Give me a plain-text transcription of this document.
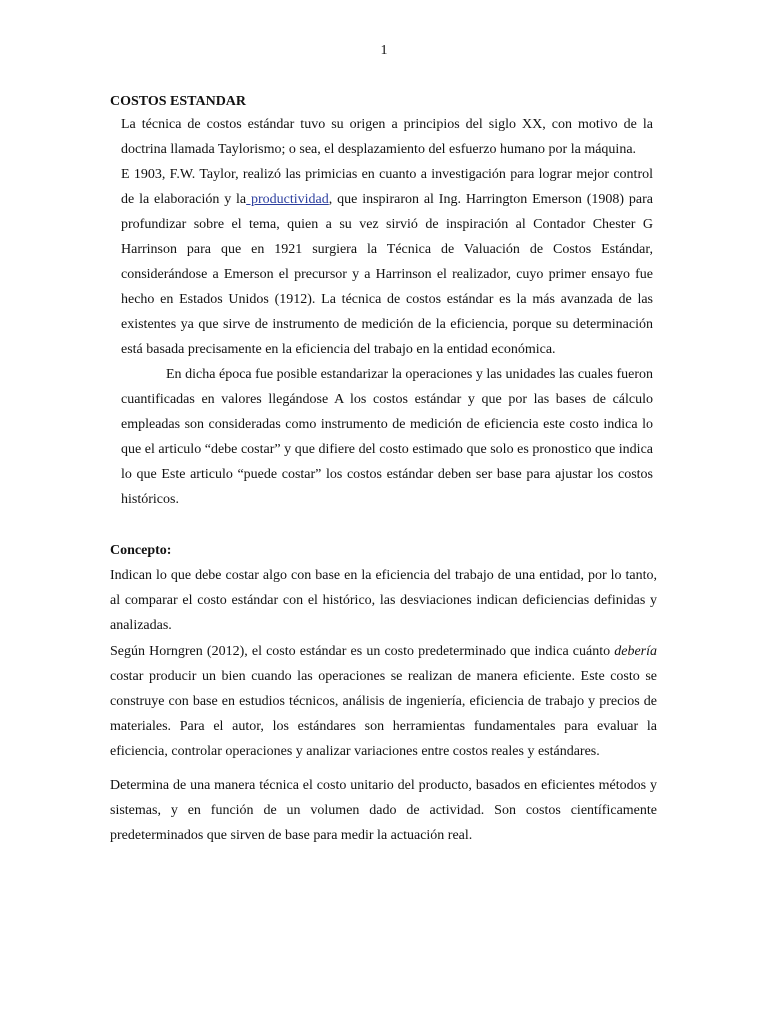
1
COSTOS ESTANDAR

La técnica de costos estándar tuvo su origen a principios del siglo XX, con motivo de la doctrina llamada Taylorismo; o sea, el desplazamiento del esfuerzo humano por la máquina.

E 1903, F.W. Taylor, realizó las primicias en cuanto a investigación para lograr mejor control de la elaboración y la productividad, que inspiraron al Ing. Harrington Emerson (1908) para profundizar sobre el tema, quien a su vez sirvió de inspiración al Contador Chester G Harrinson para que en 1921 surgiera la Técnica de Valuación de Costos Estándar, considerándose a Emerson el precursor y a Harrinson el realizador, cuyo primer ensayo fue hecho en Estados Unidos (1912). La técnica de costos estándar es la más avanzada de las existentes ya que sirve de instrumento de medición de la eficiencia, porque su determinación está basada precisamente en la eficiencia del trabajo en la entidad económica.

En dicha época fue posible estandarizar la operaciones y las unidades las cuales fueron cuantificadas en valores llegándose A los costos estándar y que por las bases de cálculo empleadas son consideradas como instrumento de medición de eficiencia este costo indica lo que el articulo “debe costar” y que difiere del costo estimado que solo es pronostico que indica lo que Este articulo “puede costar” los costos estándar deben ser base para ajustar los costos históricos.

Concepto:

Indican lo que debe costar algo con base en la eficiencia del trabajo de una entidad, por lo tanto, al comparar el costo estándar con el histórico, las desviaciones indican deficiencias definidas y analizadas.

Según Horngren (2012), el costo estándar es un costo predeterminado que indica cuánto debería costar producir un bien cuando las operaciones se realizan de manera eficiente. Este costo se construye con base en estudios técnicos, análisis de ingeniería, eficiencia de trabajo y precios de materiales. Para el autor, los estándares son herramientas fundamentales para evaluar la eficiencia, controlar operaciones y analizar variaciones entre costos reales y estándares.

Determina de una manera técnica el costo unitario del producto, basados en eficientes métodos y sistemas, y en función de un volumen dado de actividad. Son costos científicamente predeterminados que sirven de base para medir la actuación real.
